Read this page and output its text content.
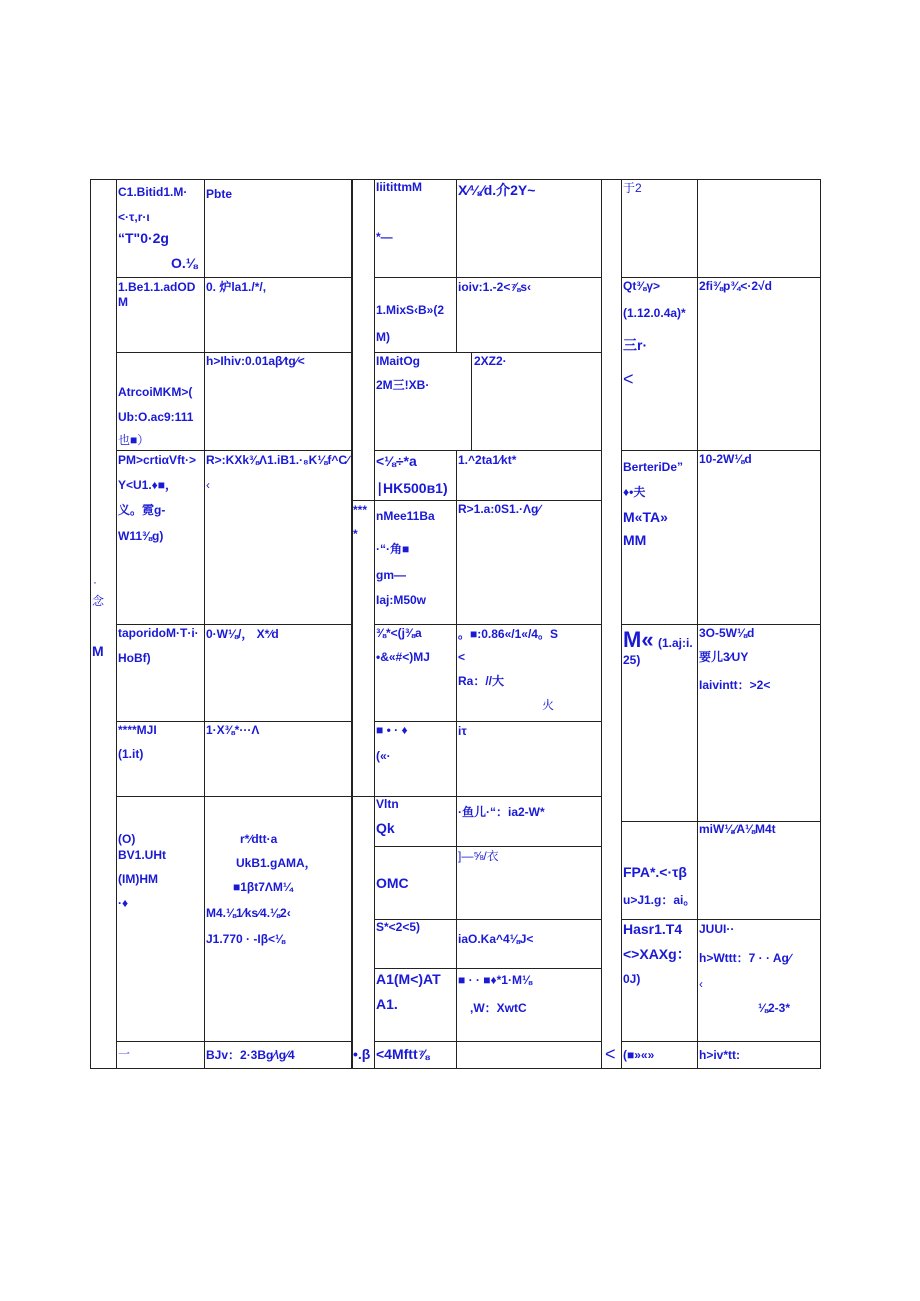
·
念
M
一
C1.Bitid1.M·
<·τ,r·ι
“T"0·2g
O.⅛
1.Be1.1.adOD
M
AtrcoiMKM>(
Ub:O.ac9:111
也■）
PM>crtiαVft·>
Y<U1.♦■，
义。霓g-
W11⅜g)
taporidoM·T·i·
HoBf)
****MJI
(1.it)
(O)
BV1.UHt
(IM)HM
·♦
Pbte
0. 炉la1./*/,
h>Ihiv:0.01aβ∕tg∕<
R>:KXk⅜Λ1.iB1.·₈K⅛f^C∕
‹
0·W⅛/， X*∕d
1·X⅜*···Λ
r*∕dtt·a
UkB1.gAMA，
■1βt7ΛM¼
M4.⅛1∕ks∕4.⅛2‹
J1.770 · -Iβ<⅛
BJv：2·3Bg∕\g∕4
***
*
•.β
IiitittmM
*—
1.MixS‹B»(2
M)
IMaitOg
2M三!XB·
<⅛÷*a
∣HK500в1)
nMee11Ba
·“·角■
gm—
Iaj:M50w
⅜*<(j⅜a
•&«#<)MJ
■ • · ♦
(«·
Vltn
Qk
OMC
S*<2<5)
A1(M<)AT
A1.
<4Mftt⅞
X∕⅛∕d.介2Y~
ioiv:1.-2<⅞s‹
2XZ2·
1.^2ta1∕kt*
R>1.a:0S1.·Λg∕
。■:0.86«/1«/4。S
<
Ra：//大
火
iτ
·鱼儿·“：ia2-W*
]—⅝/衣
iaO.Ka^4⅛J<
■ · · ■♦*1·M⅛
,W：XwtC
<
于2
Qt⅜γ>
(1.12.0.4a)*
三r·
<
BerteriDe”
♦•夫
M«TA»
MM
M« (1.aj:i.
25)
FPA*.<·τβ
u>J1.g：ai。
Hasr1.T4
<>XAXg：
0J)
(■»«»
2fi⅜p¾<·2√d
10-2W⅛d
3O-5W⅛d
要儿3∕UY
Iaivintt：>2<
miW⅛∕A⅛M4t
JUUI··
h>Wttt：7 · · Ag∕
‹
⅛2-3*
h>iv*tt:
